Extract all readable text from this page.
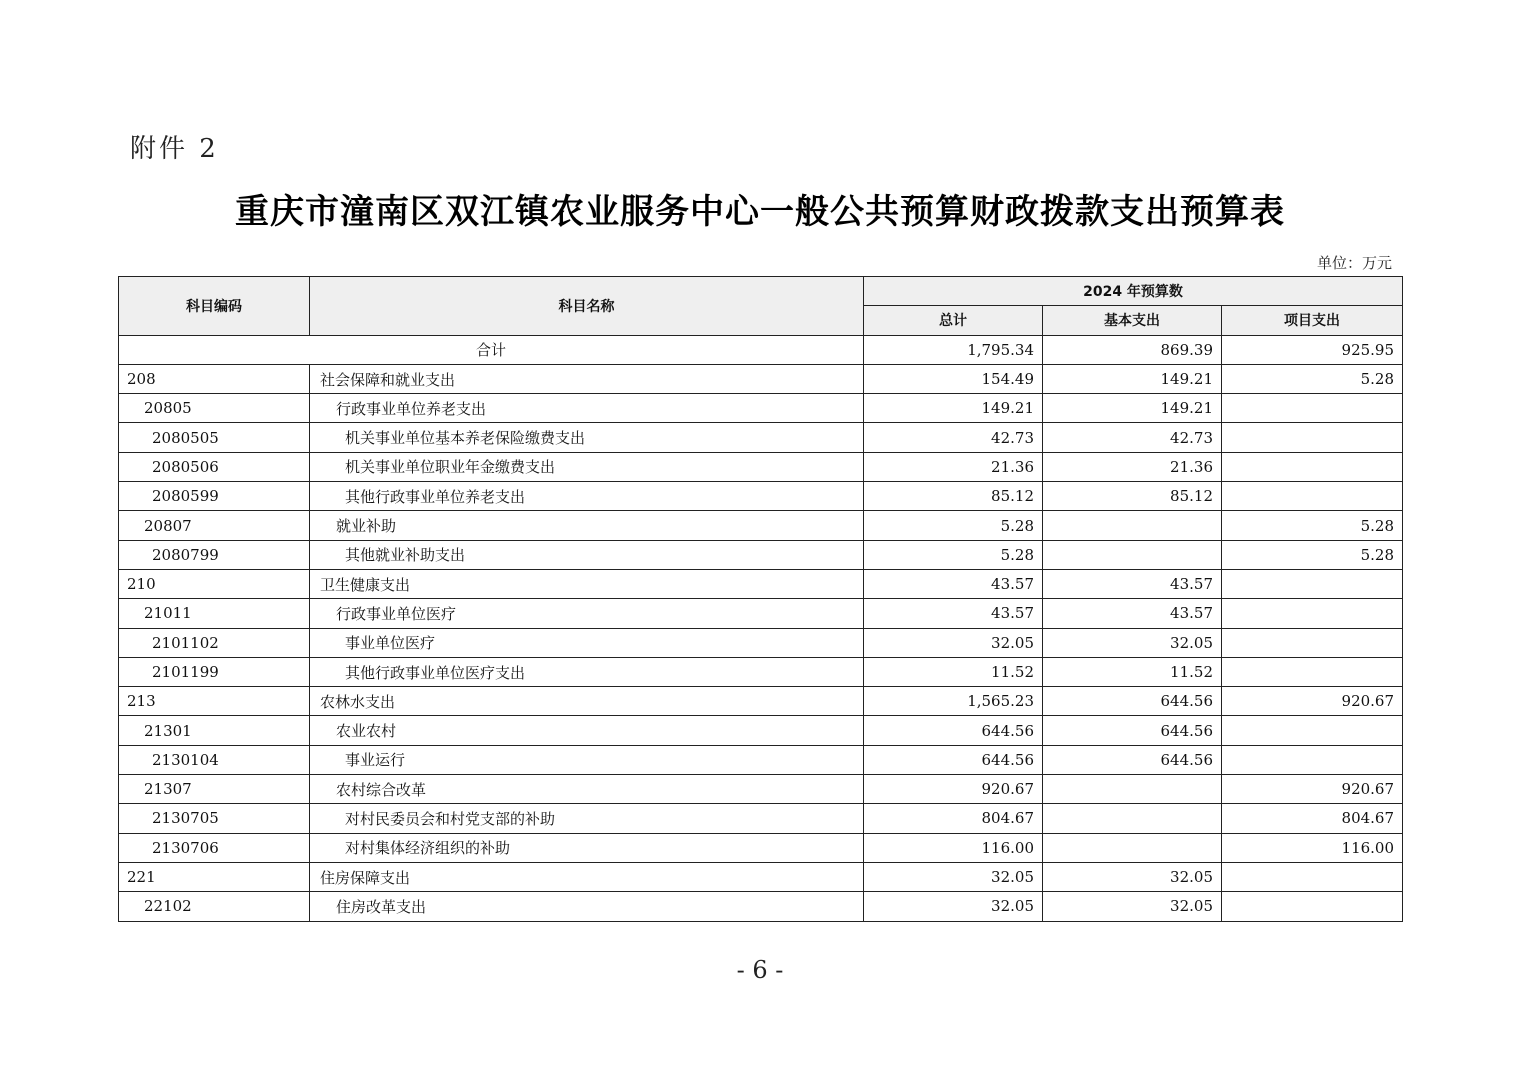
附件 2
重庆市潼南区双江镇农业服务中心一般公共预算财政拨款支出预算表
单位：万元
科目编码	科目名称	2024 年预算数		
		总计	基本支出	项目支出
合计		1,795.34	869.39	925.95
208	社会保障和就业支出	154.49	149.21	5.28
20805	行政事业单位养老支出	149.21	149.21	
2080505	机关事业单位基本养老保险缴费支出	42.73	42.73	
2080506	机关事业单位职业年金缴费支出	21.36	21.36	
2080599	其他行政事业单位养老支出	85.12	85.12	
20807	就业补助	5.28		5.28
2080799	其他就业补助支出	5.28		5.28
210	卫生健康支出	43.57	43.57	
21011	行政事业单位医疗	43.57	43.57	
2101102	事业单位医疗	32.05	32.05	
2101199	其他行政事业单位医疗支出	11.52	11.52	
213	农林水支出	1,565.23	644.56	920.67
21301	农业农村	644.56	644.56	
2130104	事业运行	644.56	644.56	
21307	农村综合改革	920.67		920.67
2130705	对村民委员会和村党支部的补助	804.67		804.67
2130706	对村集体经济组织的补助	116.00		116.00
221	住房保障支出	32.05	32.05	
22102	住房改革支出	32.05	32.05	
- 6 -
